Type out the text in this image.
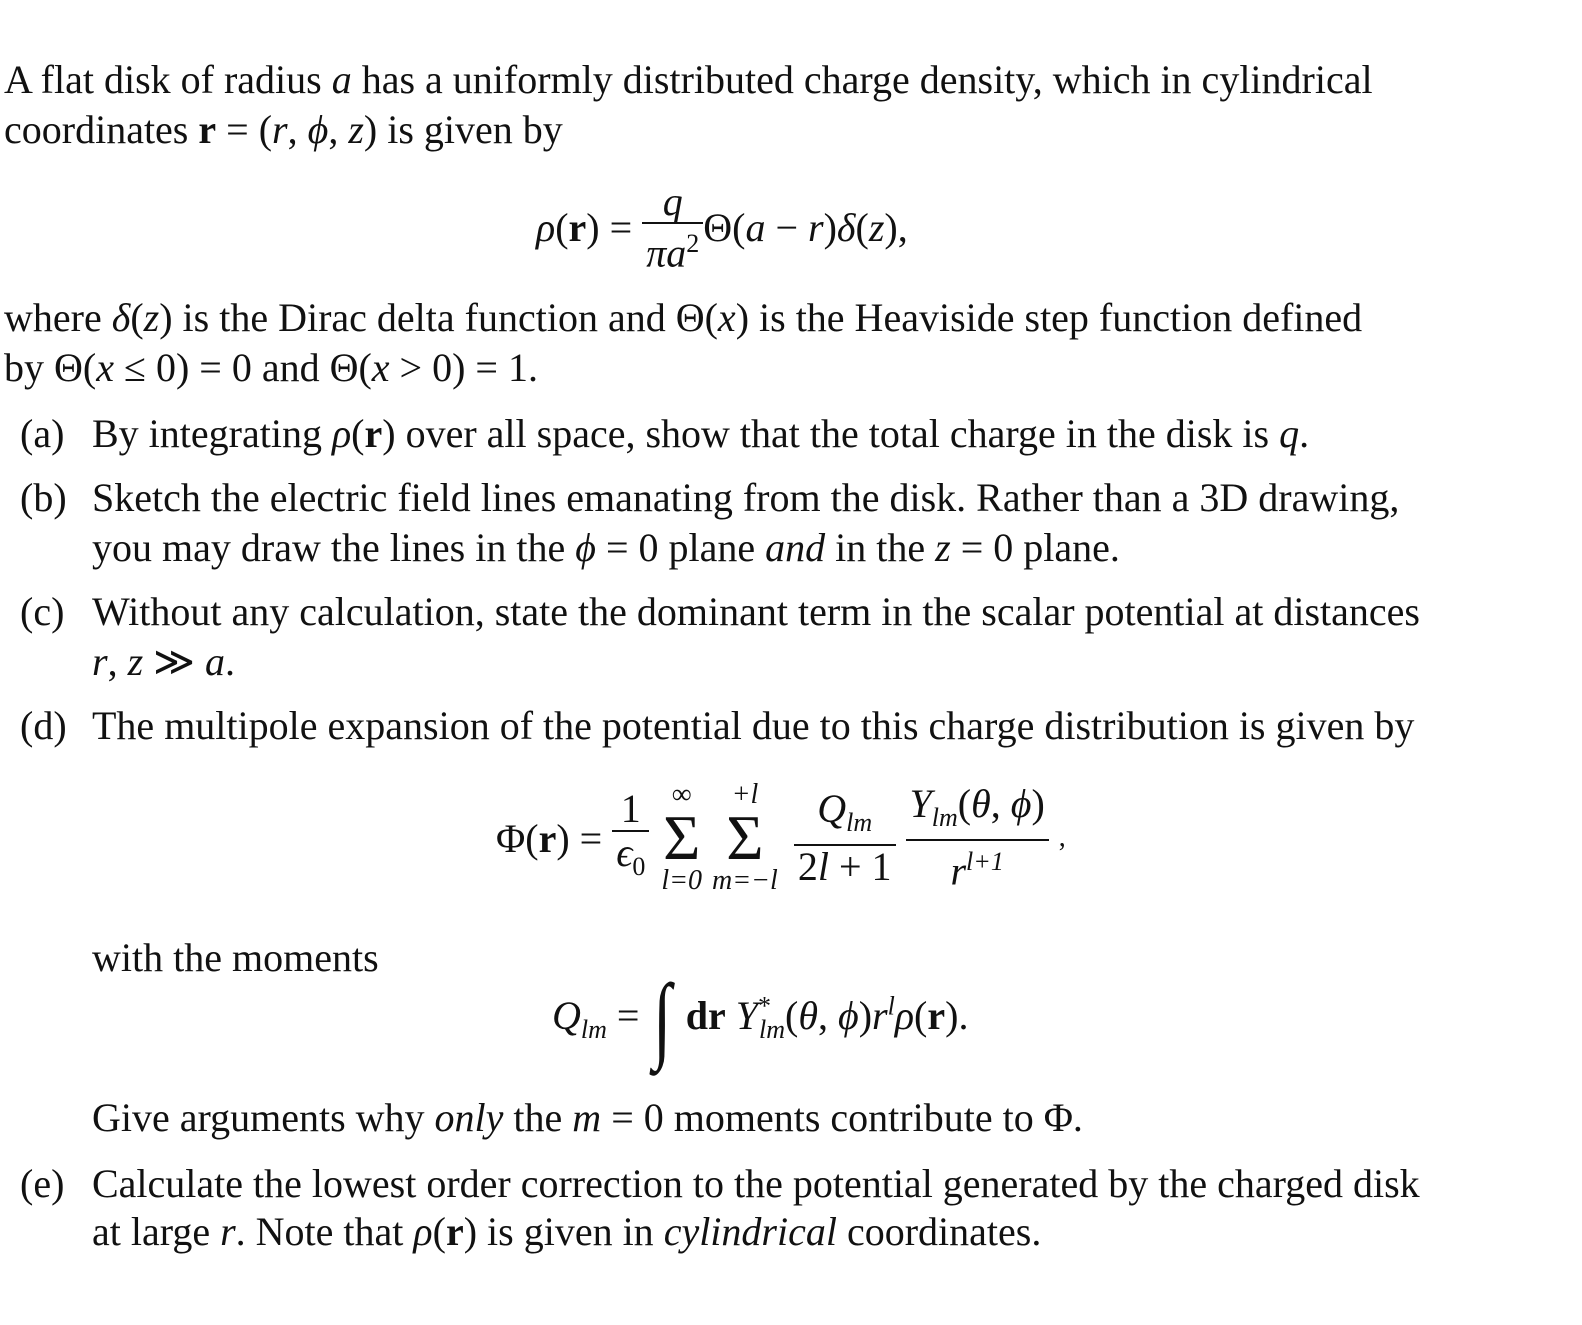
A flat disk of radius a has a uniformly distributed charge density, which in cylindrical
coordinates r = (r, ϕ, z) is given by
$\rho(r) = \frac{q}{\pi a^2} \Theta(a - r)\delta(z)$,
where δ(z) is the Dirac delta function and Θ(x) is the Heaviside step function defined
by Θ(x ≤ 0) = 0 and Θ(x > 0) = 1.
(a) By integrating ρ(r) over all space, show that the total charge in the disk is q.
(b) Sketch the electric field lines emanating from the disk. Rather than a 3D drawing,
you may draw the lines in the ϕ = 0 plane and in the z = 0 plane.
(c) Without any calculation, state the dominant term in the scalar potential at distances
r, z ≫ a.
(d) The multipole expansion of the potential due to this charge distribution is given by
$\Phi(r) = \frac{1}{\epsilon_0}$
∞
Σ
l=0

+l
Σ
m=−l
$\frac{Q_{lm}}{2l + 1}$
$\frac{Y_{lm}(\theta, \phi)}{r^{l+1}}$ ,
with the moments
$Q_{lm}$ = ∫ dr $Y^*_{lm}(\theta$, $\phi)r^l\rho(r)$.
Give arguments why only the m = 0 moments contribute to Φ.
(e) Calculate the lowest order correction to the potential generated by the charged disk
at large r. Note that ρ(r) is given in cylindrical coordinates.
